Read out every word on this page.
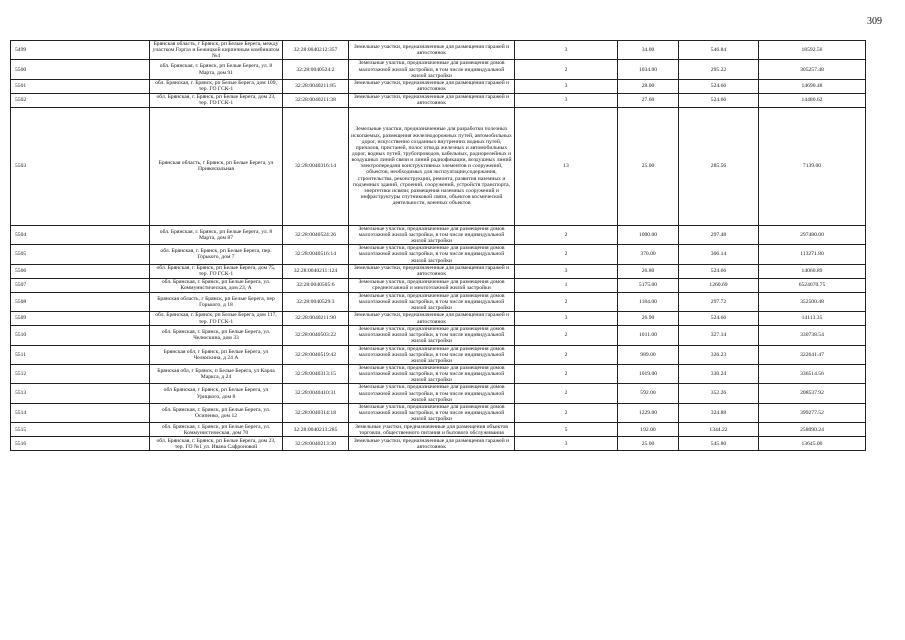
309
5499	Брянская область, г Брянск, рп Белые Берега, между участком Горгаз и Бежицкой кирпичным комбинатом №4	32:28:0040212:357	Земельные участки, предназначенные для размещения гаражей и автостоянок	3	34.00	546.84	18592.56
5500	обл. Брянская, г. Брянск, рп Белые Берега, ул. 8 Марта, дом 91	32:28:0040524:2	Земельные участки, предназначенные для размещения домов малоэтажной жилой застройки, в том числе индивидуальной жилой застройки	2	1034.00	295.22	305257.48
5501	обл. Брянская, г. Брянск, рп Белые Берега, дом 109, тер. ГО ГСК-1	32:28:0040211:85	Земельные участки, предназначенные для размещения гаражей и автостоянок	3	28.00	524.66	14690.48
5502	обл. Брянская, г. Брянск, рп Белые Берега, дом 23, тер. ГО ГСК-1	32:28:0040211:38	Земельные участки, предназначенные для размещения гаражей и автостоянок	3	27.60	524.66	14480.62
5503	Брянская область, г Брянск, рп Белые Берега, ул Привокзальная	32:28:0040316:14	Земельные участки, предназначенные для разработки полезных ископаемых, размещения железнодорожных путей, автомобильных дорог, искусственно созданных внутренних водных путей, причалов, пристаней, полос отвода железных и автомобильных дорог, водных путей, трубопроводов, кабельных, радиорелейных и воздушных линий связи и линий радиофикации, воздушных линий электропередачи конструктивных элементов и сооружений, объектов, необходимых для эксплуатации,содержания, строительства, реконструкции, ремонта, развития наземных и подземных зданий, строений, сооружений, устройств транспорта, энергетики исвязи; размещения наземных сооружений и инфраструктуры спутниковой связи, объектов космической деятельности, военных объектов	13	25.00	285.56	7139.00
5504	обл. Брянская, г. Брянск, рп Белые Берега, ул. 8 Марта, дом 87	32:28:0040524:26	Земельные участки, предназначенные для размещения домов малоэтажной жилой застройки, в том числе индивидуальной жилой застройки	2	1000.00	297.48	297480.00
5505	обл. Брянская, г. Брянск, рп Белые Берега, пер. Горького, дом 7	32:28:0040516:14	Земельные участки, предназначенные для размещения домов малоэтажной жилой застройки, в том числе индивидуальной жилой застройки	2	370.00	306.14	113271.80
5506	обл. Брянская, г. Брянск, рп Белые Берега, дом 75, тер. ГО ГСК-1	32:28:0040211:124	Земельные участки, предназначенные для размещения гаражей и автостоянок	3	26.80	524.66	14060.89
5507	обл. Брянская, г. Брянск, рп Белые Берега, ул. Коммунистическая, дом 23, А	32:28:0040505:6	Земельные участки, предназначенные для размещения домов среднеэтажной и многоэтажной жилой застройки	1	5175.00	1260.69	6524070.75
5508	Брянская область, г Брянск, рп Белые Берега, пер Горького, д 18	32:28:0040529:3	Земельные участки, предназначенные для размещения домов малоэтажной жилой застройки, в том числе индивидуальной жилой застройки	2	1184.00	297.72	352500.48
5509	обл. Брянская, г. Брянск, рп Белые Берега, дом 117, тер. ГО ГСК-1	32:28:0040211:90	Земельные участки, предназначенные для размещения гаражей и автостоянок	3	26.90	524.66	14113.35
5510	обл. Брянская, г. Брянск, рп Белые Берега, ул. Челюскина, дом 33	32:28:0040503:22	Земельные участки, предназначенные для размещения домов малоэтажной жилой застройки, в том числе индивидуальной жилой застройки	2	1011.00	327.14	330738.54
5511	Брянская обл, г Брянск, рп Белые Берега, ул Челюскина, д 24 А	32:28:0040519:42	Земельные участки, предназначенные для размещения домов малоэтажной жилой застройки, в том числе индивидуальной жилой застройки	2	989.00	326.23	322641.47
5512	Брянская обл, г Брянск, п Белые Берега, ул Карла Маркса, д 24	32:28:0040313:15	Земельные участки, предназначенные для размещения домов малоэтажной жилой застройки, в том числе индивидуальной жилой застройки	2	1019.00	330.24	336514.56
5513	обл Брянская, г Брянск, рп Белые Берега, ул Урицкого, дом 8	32:28:0040410:31	Земельные участки, предназначенные для размещения домов малоэтажной жилой застройки, в том числе индивидуальной жилой застройки	2	592.00	352.26	208537.92
5514	обл. Брянская, г. Брянск, рп Белые Берега, ул. Осипенко, дом 12	32:28:0040314:18	Земельные участки, предназначенные для размещения домов малоэтажной жилой застройки, в том числе индивидуальной жилой застройки	2	1229.00	324.88	399277.52
5515	обл. Брянская, г. Брянск, рп Белые Берега, ул. Коммунистическая, дом 70	32:28:0040213:285	Земельные участки, предназначенные для размещения объектов торговли, общественного питания и бытового обслуживания	5	192.00	1344.22	258090.24
5516	обл. Брянская, г. Брянск, рп Белые Берега, дом 23, тер. ГО №1 ул. Ивана Сафроновой	32:28:0040213:30	Земельные участки, предназначенные для размещения гаражей и автостоянок	3	25.00	545.80	13645.00
